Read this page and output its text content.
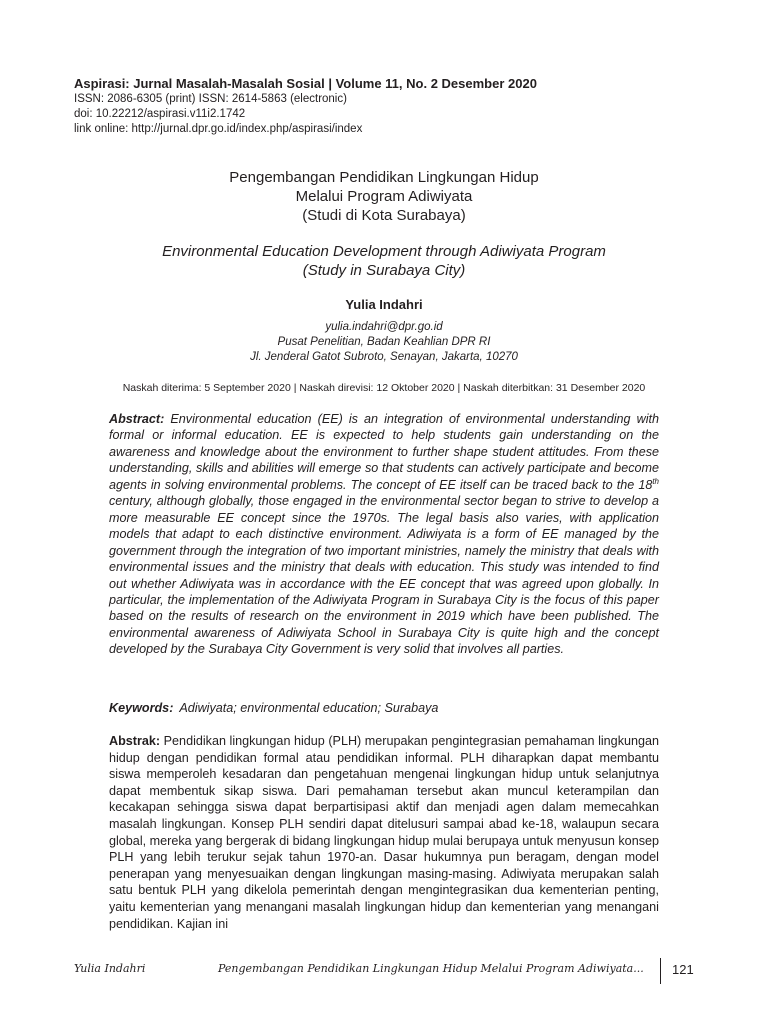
Aspirasi: Jurnal Masalah-Masalah Sosial | Volume 11, No. 2 Desember 2020
ISSN: 2086-6305 (print) ISSN: 2614-5863 (electronic)
doi: 10.22212/aspirasi.v11i2.1742
link online: http://jurnal.dpr.go.id/index.php/aspirasi/index
Pengembangan Pendidikan Lingkungan Hidup
Melalui Program Adiwiyata
(Studi di Kota Surabaya)
Environmental Education Development through Adiwiyata Program
(Study in Surabaya City)
Yulia Indahri
yulia.indahri@dpr.go.id
Pusat Penelitian, Badan Keahlian DPR RI
Jl. Jenderal Gatot Subroto, Senayan, Jakarta, 10270
Naskah diterima: 5 September 2020 | Naskah direvisi: 12 Oktober 2020 | Naskah diterbitkan: 31 Desember 2020
Abstract: Environmental education (EE) is an integration of environmental understanding with formal or informal education. EE is expected to help students gain understanding on the awareness and knowledge about the environment to further shape student attitudes. From these understanding, skills and abilities will emerge so that students can actively participate and become agents in solving environmental problems. The concept of EE itself can be traced back to the 18th century, although globally, those engaged in the environmental sector began to strive to develop a more measurable EE concept since the 1970s. The legal basis also varies, with application models that adapt to each distinctive environment. Adiwiyata is a form of EE managed by the government through the integration of two important ministries, namely the ministry that deals with environmental issues and the ministry that deals with education. This study was intended to find out whether Adiwiyata was in accordance with the EE concept that was agreed upon globally. In particular, the implementation of the Adiwiyata Program in Surabaya City is the focus of this paper based on the results of research on the environment in 2019 which have been published. The environmental awareness of Adiwiyata School in Surabaya City is quite high and the concept developed by the Surabaya City Government is very solid that involves all parties.
Keywords: Adiwiyata; environmental education; Surabaya
Abstrak: Pendidikan lingkungan hidup (PLH) merupakan pengintegrasian pemahaman lingkungan hidup dengan pendidikan formal atau pendidikan informal. PLH diharapkan dapat membantu siswa memperoleh kesadaran dan pengetahuan mengenai lingkungan hidup untuk selanjutnya dapat membentuk sikap siswa. Dari pemahaman tersebut akan muncul keterampilan dan kecakapan sehingga siswa dapat berpartisipasi aktif dan menjadi agen dalam memecahkan masalah lingkungan. Konsep PLH sendiri dapat ditelusuri sampai abad ke-18, walaupun secara global, mereka yang bergerak di bidang lingkungan hidup mulai berupaya untuk menyusun konsep PLH yang lebih terukur sejak tahun 1970-an. Dasar hukumnya pun beragam, dengan model penerapan yang menyesuaikan dengan lingkungan masing-masing. Adiwiyata merupakan salah satu bentuk PLH yang dikelola pemerintah dengan mengintegrasikan dua kementerian penting, yaitu kementerian yang menangani masalah lingkungan hidup dan kementerian yang menangani pendidikan. Kajian ini
Yulia Indahri	Pengembangan Pendidikan Lingkungan Hidup Melalui Program Adiwiyata... 121
